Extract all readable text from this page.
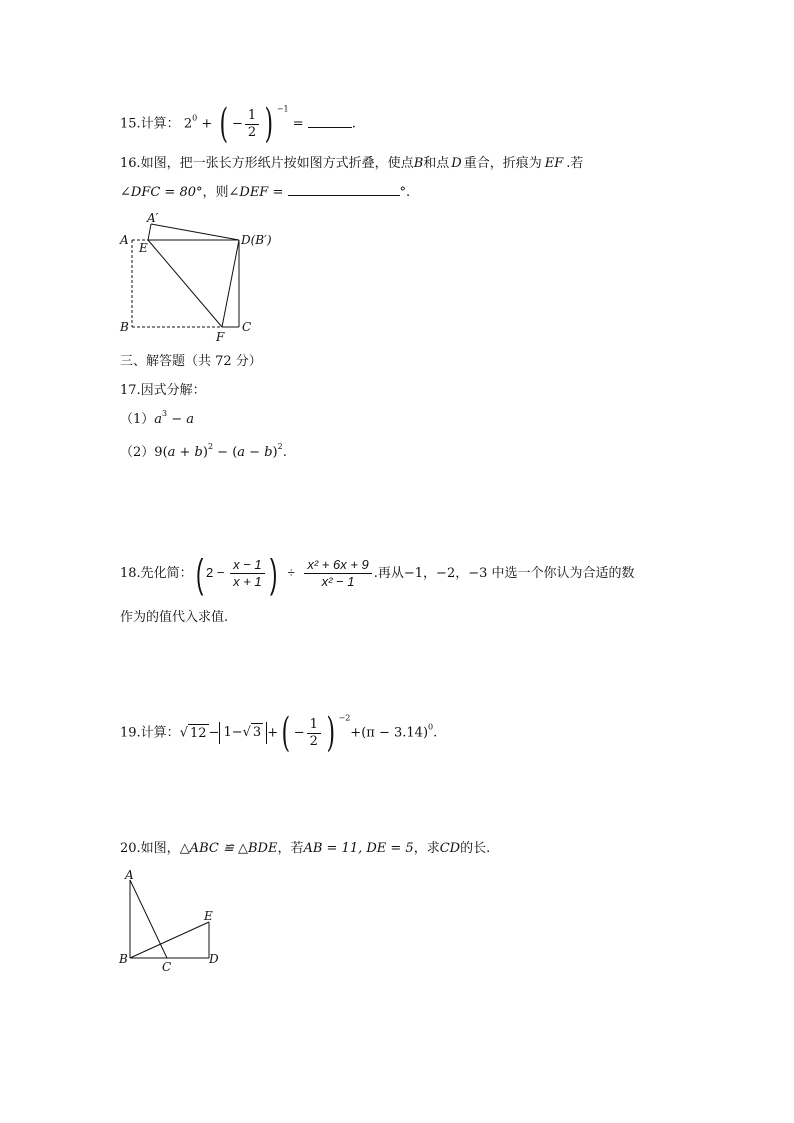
15.计算： $2^0$ + ( − $\frac{1}{2}$ ) $^{-1}$ =	.
16.如图，把一张长方形纸片按如图方式折叠，使点B和点 D 重合，折痕为 EF .若
∠DFC = 80°，则∠DEF =	°.
A′
A
E
D(B′)
B
F
C
三、解答题（共 72 分）
17.因式分解：
$(1)a^3 - a$
$(2)9(a + b)^2 - (a - b)^2$.
18.先化简：( $2 - \frac{x - 1}{x + 1}$ ) ÷ $\frac{\text{x² + 6x + 9}}{\text{x² − 1}}$ .再从−1，−2，−3 中选一个你认为合适的数
作为的值代入求值.
19.计算：√ 12 − 1−√ 3 +( − $\frac{1}{2}$ ) $^{-2}+(\pi - 3.14)^0$.
20.如图，△ABC ≌ △BDE，若AB = 11, DE = 5，求CD的长.
A
E
B
C
D
